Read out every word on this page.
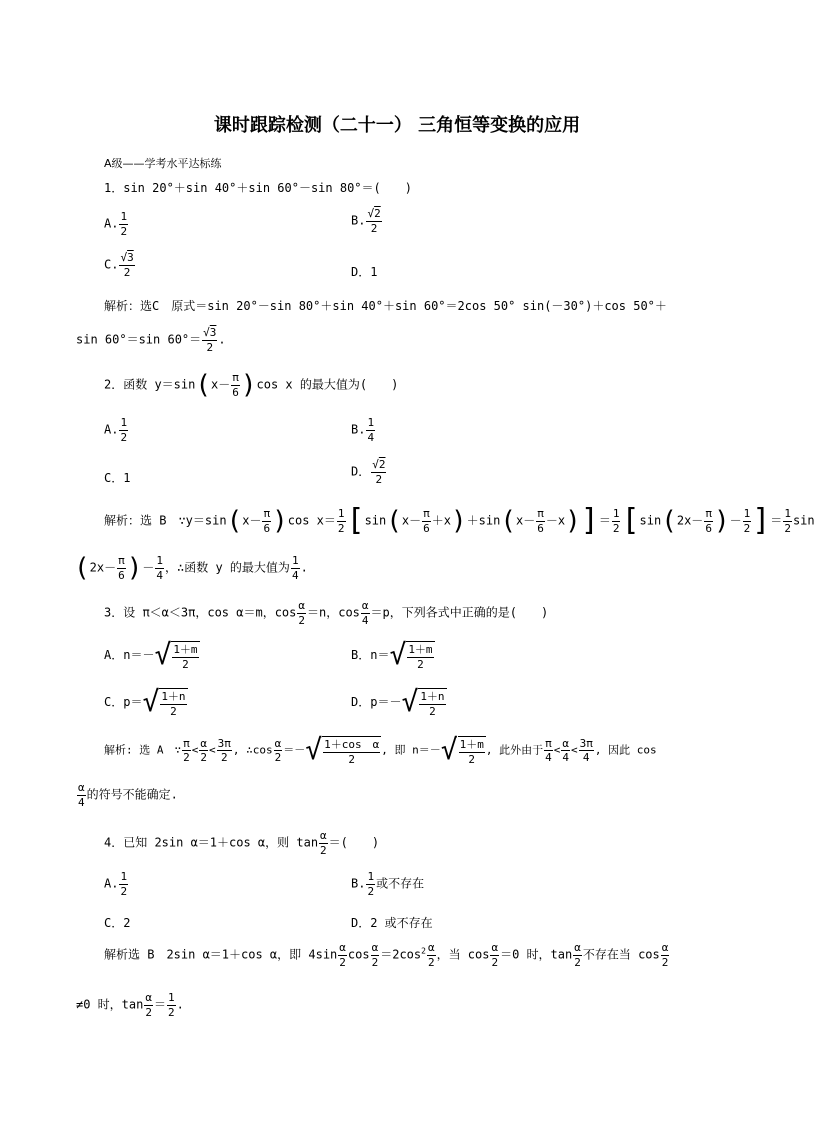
课时跟踪检测（二十一） 三角恒等变换的应用
A级——学考水平达标练
1．sin 20°＋sin 40°＋sin 60°－sin 80°＝(　　)
A. $\frac{1}{2}$	B. $\frac{√2}{2}$
C. $\frac{√3}{2}$	D．1
解析：选C　原式＝sin 20°－sin 80°＋sin 40°＋sin 60°＝2cos 50° sin(－30°)＋cos 50°＋
sin 60°＝sin $60^\circ= \frac{√3}{2}$ .
2．函数 $y=\sin(x- \frac{\pi}{6} )\cos$ x 的最大值为(　　)
A. $\frac{1}{2}$	B. $\frac{1}{4}$
C．1	D． $\frac{√2}{2}$
解析：选 B　∵y＝sin(x－ $\frac{\pi}{6} )\cos$ $x= \frac{1}{2} [\sin(x- \frac{\pi}{6} +x)+\sin(x- \frac{\pi}{6} -x)]= \frac{1}{2} [\sin(2x- \frac{\pi}{6}$ )－ $\frac{1}{2}$ ]＝ $\frac{1}{2}$ sin
($2x- \frac{\pi}{6}$ )－ $\frac{1}{4}$ ，∴函数 y 的最大值为 $\frac{1}{4}$ .
3．设 π＜α＜3π，cos α＝m，$\cos \frac{\alpha}{2} =n$，$\cos \frac{\alpha}{4} =p$，下列各式中正确的是(　　)
A．n＝－ √ $\frac{1+m}{2}$	B．n＝ √ $\frac{1+m}{2}$
C．p＝ √ $\frac{1+n}{2}$	D．p＝－ √ $\frac{1+n}{2}$
解析: 选 A　∵ $\frac{\pi}{2} < \frac{\alpha}{2} < \frac{3\pi}{2}$ , ∴cos $\frac{\alpha}{2}$ ＝－ √ $\frac{\text{1＋cos　α}}{2}$ , 即 n＝－ √ $\frac{1+m}{2}$ , 此外由于 $\frac{\pi}{4} < \frac{\alpha}{4} < \frac{3\pi}{4}$ , 因此 cos
$\frac{\alpha}{4}$ 的符号不能确定.
4．已知 2sin α＝1＋cos α，则 $\tan \frac{\alpha}{2}$ ＝(　　)
A. $\frac{1}{2}$	B. $\frac{1}{2}$ 或不存在
C．2	D．2 或不存在
解析选 B　2sin α＝1＋cos α，即 $4\sin \frac{\alpha}{2}$ $\cos \frac{\alpha}{2} =2\cos^2 \frac{\alpha}{2}$ ，当 $\cos \frac{\alpha}{2} =0$ 时，$\tan \frac{\alpha}{2}$ 不存在当 $\cos \frac{\alpha}{2}$
≠0 时，$\tan \frac{\alpha}{2} = \frac{1}{2}$ .
